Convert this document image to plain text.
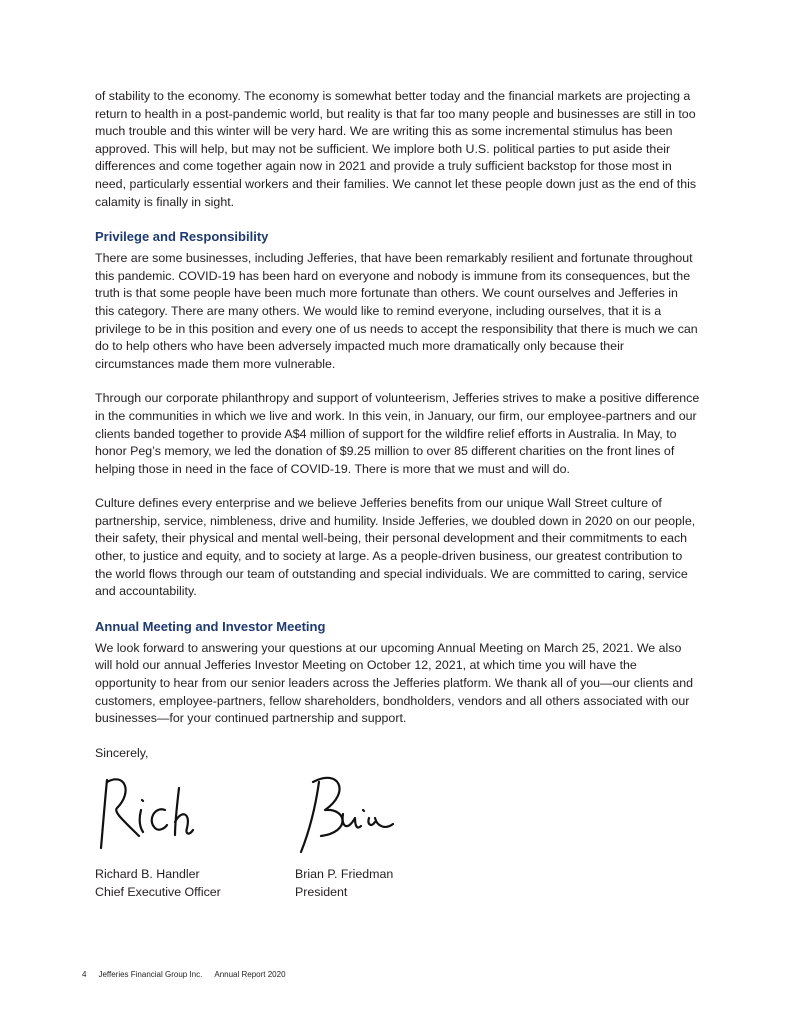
of stability to the economy. The economy is somewhat better today and the financial markets are projecting a return to health in a post-pandemic world, but reality is that far too many people and businesses are still in too much trouble and this winter will be very hard. We are writing this as some incremental stimulus has been approved. This will help, but may not be sufficient. We implore both U.S. political parties to put aside their differences and come together again now in 2021 and provide a truly sufficient backstop for those most in need, particularly essential workers and their families. We cannot let these people down just as the end of this calamity is finally in sight.

Privilege and Responsibility

There are some businesses, including Jefferies, that have been remarkably resilient and fortunate throughout this pandemic. COVID-19 has been hard on everyone and nobody is immune from its consequences, but the truth is that some people have been much more fortunate than others. We count ourselves and Jefferies in this category. There are many others. We would like to remind everyone, including ourselves, that it is a privilege to be in this position and every one of us needs to accept the responsibility that there is much we can do to help others who have been adversely impacted much more dramatically only because their circumstances made them more vulnerable.

Through our corporate philanthropy and support of volunteerism, Jefferies strives to make a positive difference in the communities in which we live and work. In this vein, in January, our firm, our employee-partners and our clients banded together to provide A$4 million of support for the wildfire relief efforts in Australia. In May, to honor Peg’s memory, we led the donation of $9.25 million to over 85 different charities on the front lines of helping those in need in the face of COVID-19. There is more that we must and will do.

Culture defines every enterprise and we believe Jefferies benefits from our unique Wall Street culture of partnership, service, nimbleness, drive and humility. Inside Jefferies, we doubled down in 2020 on our people, their safety, their physical and mental well-being, their personal development and their commitments to each other, to justice and equity, and to society at large. As a people-driven business, our greatest contribution to the world flows through our team of outstanding and special individuals. We are committed to caring, service and accountability.

Annual Meeting and Investor Meeting

We look forward to answering your questions at our upcoming Annual Meeting on March 25, 2021. We also will hold our annual Jefferies Investor Meeting on October 12, 2021, at which time you will have the opportunity to hear from our senior leaders across the Jefferies platform. We thank all of you—our clients and customers, employee-partners, fellow shareholders, bondholders, vendors and all others associated with our businesses—for your continued partnership and support.

Sincerely,

Richard B. Handler

Chief Executive Officer

Brian P. Friedman

President

4 Jefferies Financial Group Inc. Annual Report 2020
